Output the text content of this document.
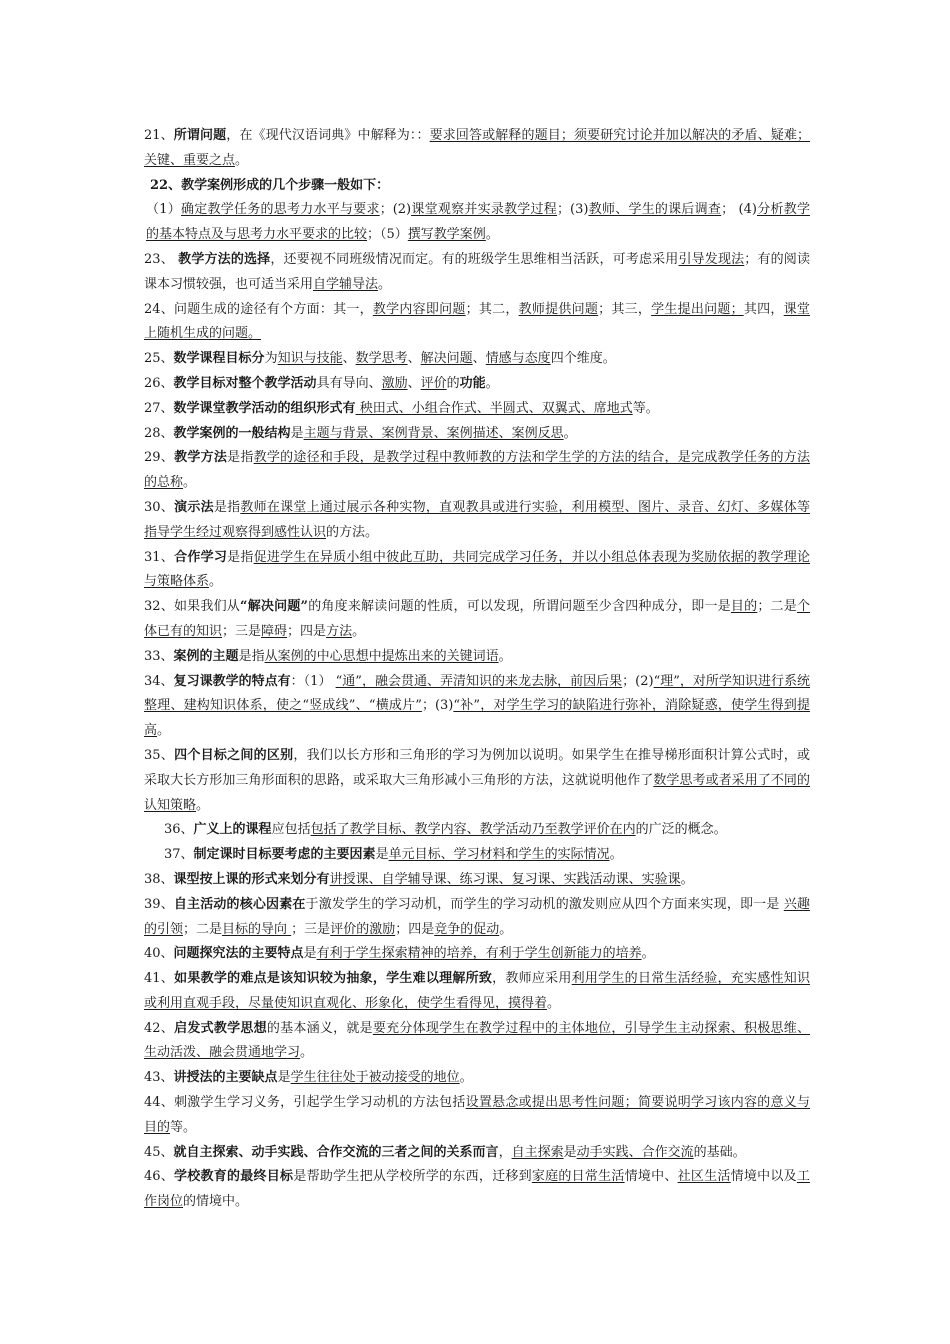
21、所谓问题，在《现代汉语词典》中解释为：：要求回答或解释的题目；须要研究讨论并加以解决的矛盾、疑难；关键、重要之点。

22、教学案例形成的几个步骤一般如下：

（1）确定教学任务的思考力水平与要求；(2)课堂观察并实录教学过程；(3)教师、学生的课后调查； (4)分析教学的基本特点及与思考力水平要求的比较；（5）撰写教学案例。

23、 教学方法的选择，还要视不同班级情况而定。有的班级学生思维相当活跃，可考虑采用引导发现法；有的阅读课本习惯较强，也可适当采用自学辅导法。

24、问题生成的途径有个方面：其一，教学内容即问题；其二，教师提供问题；其三，学生提出问题；其四，课堂上随机生成的问题。

25、数学课程目标分为知识与技能、数学思考、解决问题、情感与态度四个维度。

26、教学目标对整个教学活动具有导向、激励、评价的功能。

27、数学课堂教学活动的组织形式有 秧田式、小组合作式、半圆式、双翼式、席地式等。

28、教学案例的一般结构是主题与背景、案例背景、案例描述、案例反思。

29、教学方法是指教学的途径和手段，是教学过程中教师教的方法和学生学的方法的结合，是完成教学任务的方法的总称。

30、演示法是指教师在课堂上通过展示各种实物，直观教具或进行实验，利用模型、图片、录音、幻灯、多媒体等指导学生经过观察得到感性认识的方法。

31、合作学习是指促进学生在异质小组中彼此互助，共同完成学习任务，并以小组总体表现为奖励依据的教学理论与策略体系。

32、如果我们从“解决问题”的角度来解读问题的性质，可以发现，所谓问题至少含四种成分，即一是目的；二是个体已有的知识；三是障碍；四是方法。

33、案例的主题是指从案例的中心思想中提炼出来的关键词语。

34、复习课教学的特点有：（1） “通”，融会贯通、弄清知识的来龙去脉，前因后果；(2)“理”，对所学知识进行系统整理、建构知识体系，使之“竖成线”、“横成片”；(3)“补”，对学生学习的缺陷进行弥补，消除疑惑，使学生得到提高。

35、四个目标之间的区别，我们以长方形和三角形的学习为例加以说明。如果学生在推导梯形面积计算公式时，或采取大长方形加三角形面积的思路，或采取大三角形减小三角形的方法，这就说明他作了数学思考或者采用了不同的认知策略。

36、广义上的课程应包括包括了教学目标、教学内容、教学活动乃至教学评价在内的广泛的概念。

37、制定课时目标要考虑的主要因素是单元目标、学习材料和学生的实际情况。

38、课型按上课的形式来划分有讲授课、自学辅导课、练习课、复习课、实践活动课、实验课。

39、自主活动的核心因素在于激发学生的学习动机，而学生的学习动机的激发则应从四个方面来实现，即一是 兴趣的引领；二是目标的导向 ；三是评价的激励；四是竞争的促动。

40、问题探究法的主要特点是有利于学生探索精神的培养，有利于学生创新能力的培养。

41、如果教学的难点是该知识较为抽象，学生难以理解所致，教师应采用利用学生的日常生活经验，充实感性知识或利用直观手段，尽量使知识直观化、形象化，使学生看得见，摸得着。

42、启发式教学思想的基本涵义，就是要充分体现学生在教学过程中的主体地位，引导学生主动探索、积极思维、生动活泼、融会贯通地学习。

43、讲授法的主要缺点是学生往往处于被动接受的地位。

44、刺激学生学习义务，引起学生学习动机的方法包括设置悬念或提出思考性问题；简要说明学习该内容的意义与目的等。

45、就自主探索、动手实践、合作交流的三者之间的关系而言，自主探索是动手实践、合作交流的基础。

46、学校教育的最终目标是帮助学生把从学校所学的东西，迁移到家庭的日常生活情境中、社区生活情境中以及工作岗位的情境中。
